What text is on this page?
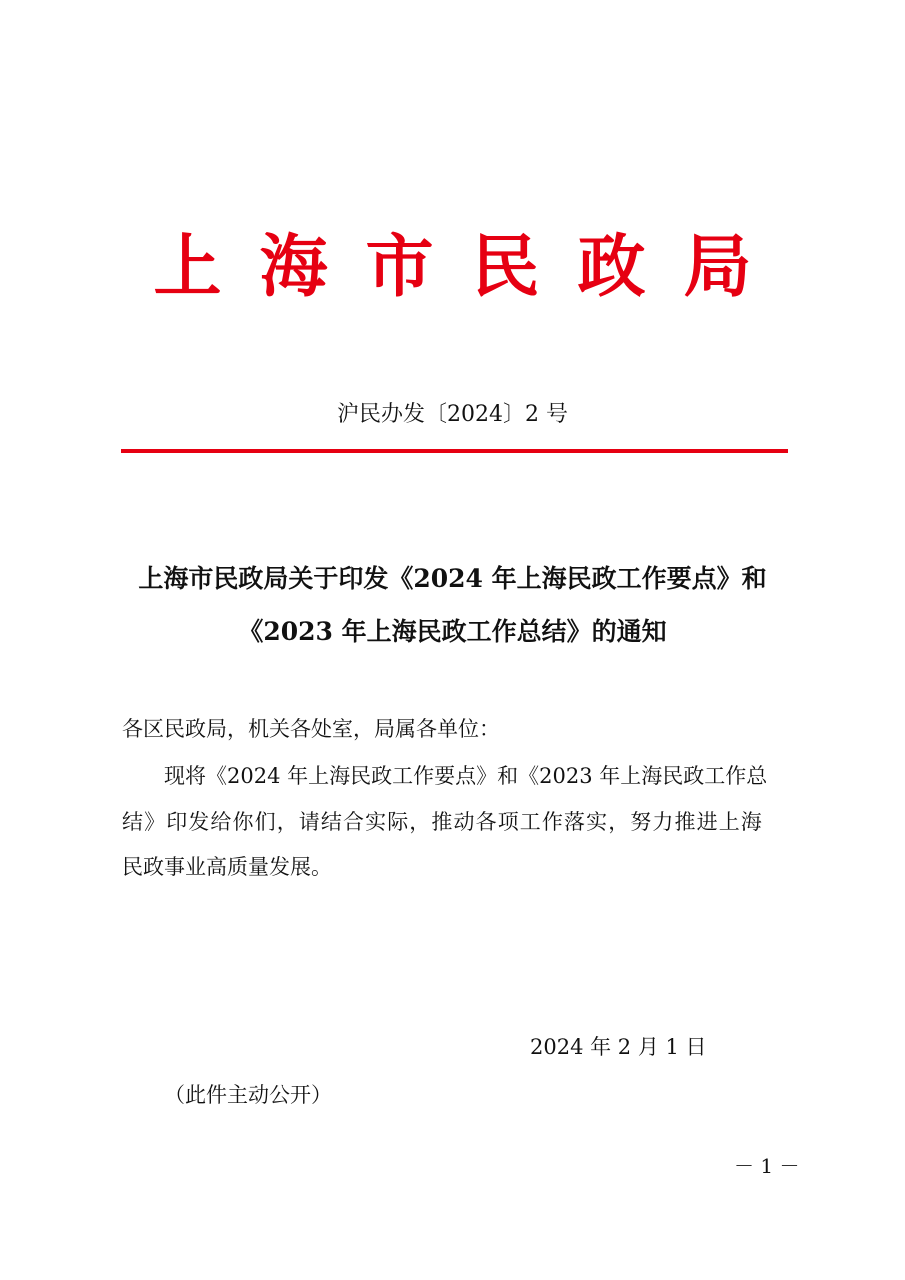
上海市民政局
沪民办发〔2024〕2 号
上海市民政局关于印发《2024 年上海民政工作要点》和
《2023 年上海民政工作总结》的通知
各区民政局，机关各处室，局属各单位：
现将《2024 年上海民政工作要点》和《2023 年上海民政工作总
结》印发给你们，请结合实际，推动各项工作落实，努力推进上海
民政事业高质量发展。
2024 年 2 月 1 日
（此件主动公开）
－ 1 －
